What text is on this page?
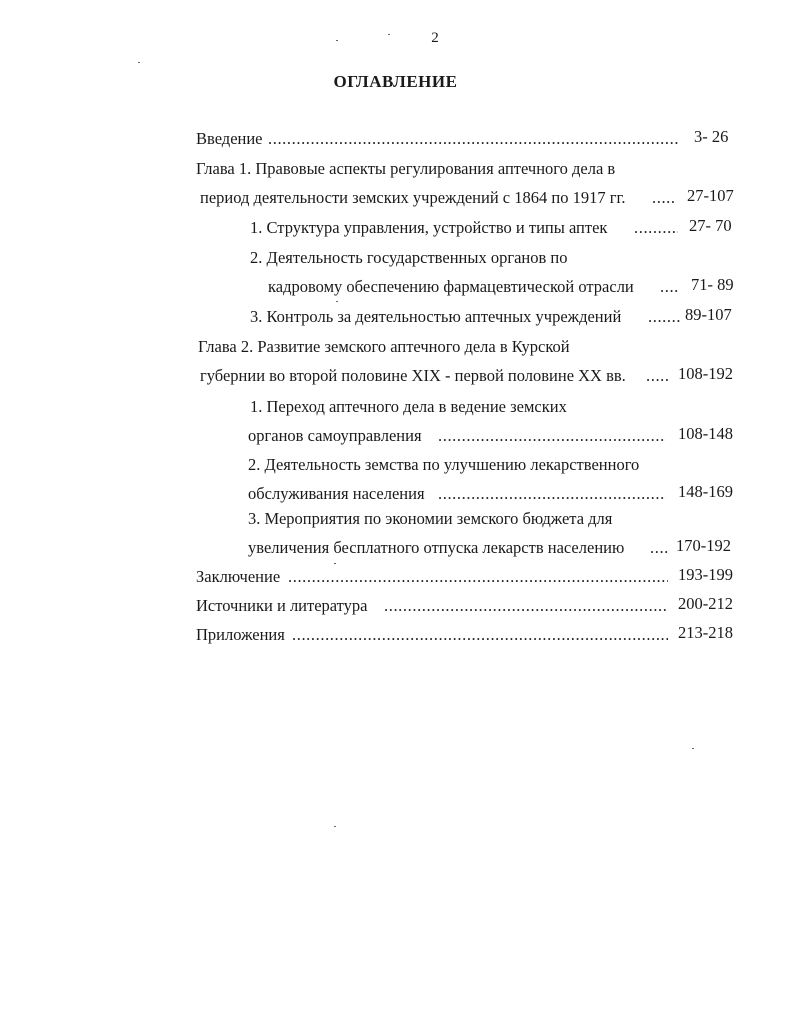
2
ОГЛАВЛЕНИЕ
Введение .....	3- 26
Глава 1. Правовые аспекты регулирования аптечного дела в
период деятельности земских учреждений с 1864 по 1917 гг. .....	27-107
1. Структура управления, устройство и типы аптек .....	27- 70
2. Деятельность государственных органов по
кадровому обеспечению фармацевтической отрасли .....	71- 89
3. Контроль за деятельностью аптечных учреждений .....	89-107
Глава 2. Развитие земского аптечного дела в Курской
губернии во второй половине XIX - первой половине XX вв. .....	108-192
1. Переход аптечного дела в ведение земских
органов самоуправления .....	108-148
2. Деятельность земства по улучшению лекарственного
обслуживания населения .....	148-169
3. Мероприятия по экономии земского бюджета для
увеличения бесплатного отпуска лекарств населению .....	170-192
Заключение .....	193-199
Источники и литература .....	200-212
Приложения .....	213-218
